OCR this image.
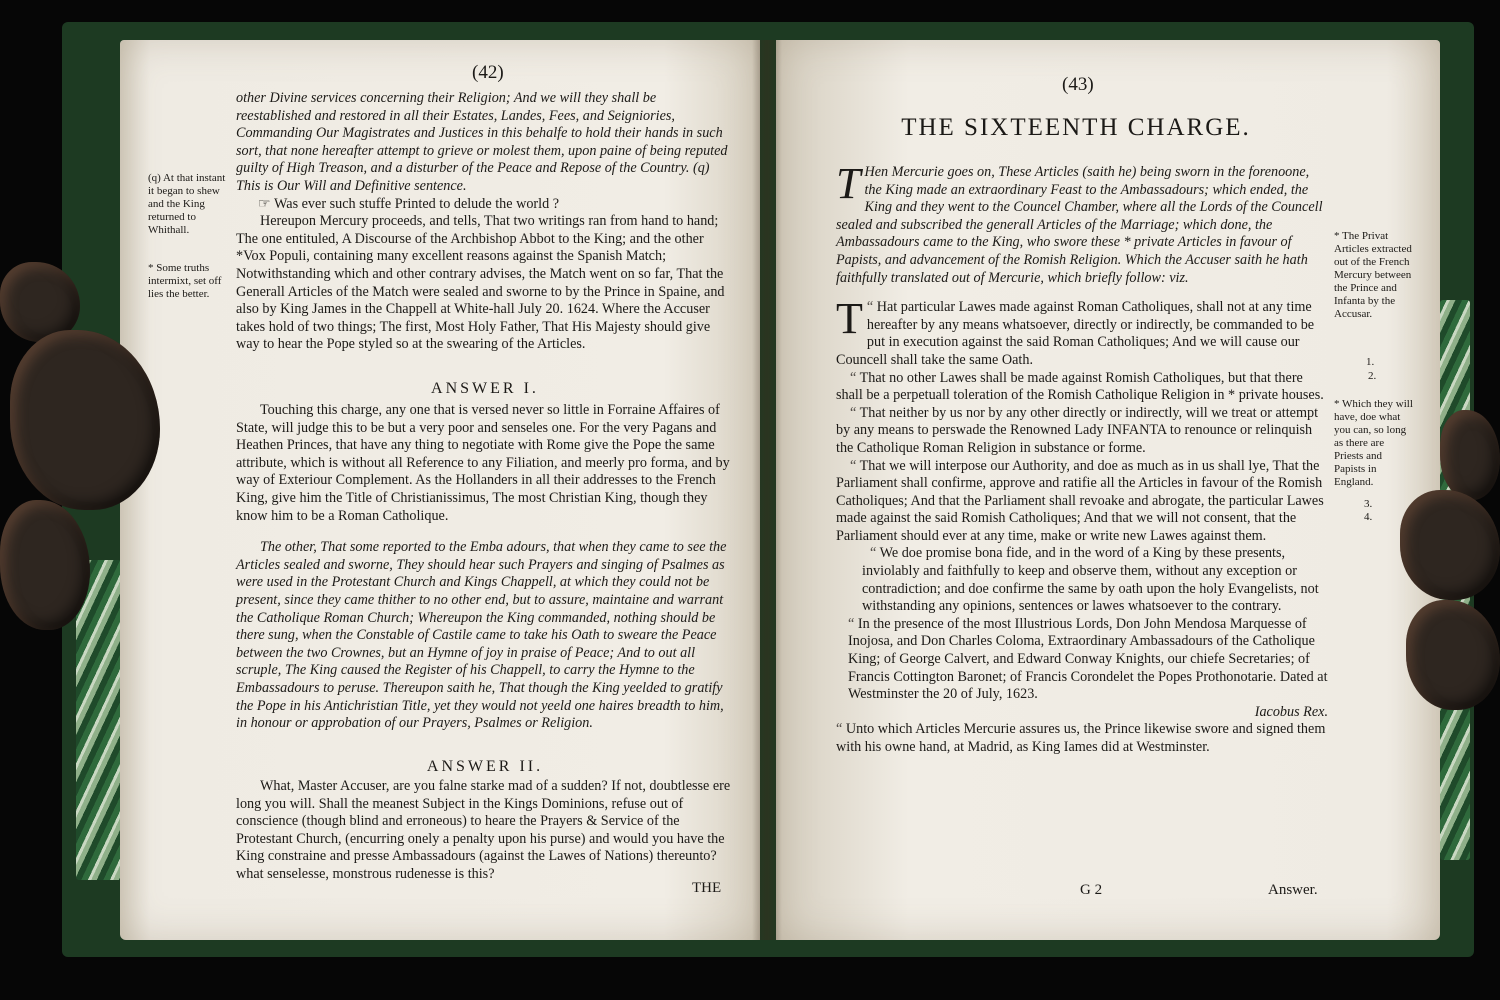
(42)
(q) At that instant it began to shew and the King returned to Whithall.
* Some truths intermixt, set off lies the better.

other Divine services concerning their Religion; And we will they shall be reestablished and restored in all their Estates, Landes, Fees, and Seigniories, Commanding Our Magistrates and Justices in this behalfe to hold their hands in such sort, that none hereafter attempt to grieve or molest them, upon paine of being reputed guilty of High Treason, and a disturber of the Peace and Repose of the Country. (q) This is Our Will and Definitive sentence.

☞ Was ever such stuffe Printed to delude the world ?

Hereupon Mercury proceeds, and tells, That two writings ran from hand to hand; The one entituled, A Discourse of the Archbishop Abbot to the King; and the other *Vox Populi, containing many excellent reasons against the Spanish Match; Notwithstanding which and other contrary advises, the Match went on so far, That the Generall Articles of the Match were sealed and sworne to by the Prince in Spaine, and also by King James in the Chappell at White-hall July 20. 1624. Where the Accuser takes hold of two things; The first, Most Holy Father, That His Majesty should give way to hear the Pope styled so at the swearing of the Articles.

ANSWER I.

Touching this charge, any one that is versed never so little in Forraine Affaires of State, will judge this to be but a very poor and senseles one. For the very Pagans and Heathen Princes, that have any thing to negotiate with Rome give the Pope the same attribute, which is without all Reference to any Filiation, and meerly pro forma, and by way of Exteriour Complement. As the Hollanders in all their addresses to the French King, give him the Title of Christianissimus, The most Christian King, though they know him to be a Roman Catholique.

The other, That some reported to the Emba adours, that when they came to see the Articles sealed and sworne, They should hear such Prayers and singing of Psalmes as were used in the Protestant Church and Kings Chappell, at which they could not be present, since they came thither to no other end, but to assure, maintaine and warrant the Catholique Roman Church; Whereupon the King commanded, nothing should be there sung, when the Constable of Castile came to take his Oath to sweare the Peace between the two Crownes, but an Hymne of joy in praise of Peace; And to out all scruple, The King caused the Register of his Chappell, to carry the Hymne to the Embassadours to peruse. Thereupon saith he, That though the King yeelded to gratify the Pope in his Antichristian Title, yet they would not yeeld one haires breadth to him, in honour or approbation of our Prayers, Psalmes or Religion.

ANSWER II.

What, Master Accuser, are you falne starke mad of a sudden? If not, doubtlesse ere long you will. Shall the meanest Subject in the Kings Dominions, refuse out of conscience (though blind and erroneous) to heare the Prayers & Service of the Protestant Church, (encurring onely a penalty upon his purse) and would you have the King constraine and presse Ambassadours (against the Lawes of Nations) thereunto? what senselesse, monstrous rudenesse is this?

THE
(43)
THE SIXTEENTH CHARGE.
* The Privat Articles extracted out of the French Mercury between the Prince and Infanta by the Accusar.
1.
2.
* Which they will have, doe what you can, so long as there are Priests and Papists in England.
3.
4.

T Hen Mercurie goes on, These Articles (saith he) being sworn in the forenoone, the King made an extraordinary Feast to the Ambassadours; which ended, the King and they went to the Councel Chamber, where all the Lords of the Councell sealed and subscribed the generall Articles of the Marriage; which done, the Ambassadours came to the King, who swore these * private Articles in favour of Papists, and advancement of the Romish Religion. Which the Accuser saith he hath faithfully translated out of Mercurie, which briefly follow: viz.

“
T Hat particular Lawes made against Roman Catholiques, shall not at any time hereafter by any means whatsoever, directly or indirectly, be commanded to be put in execution against the said Roman Catholiques; And we will cause our Councell shall take the same Oath.

“ That no other Lawes shall be made against Romish Catholiques, but that there shall be a perpetuall toleration of the Romish Catholique Religion in * private houses.

“ That neither by us nor by any other directly or indirectly, will we treat or attempt by any means to perswade the Renowned Lady INFANTA to renounce or relinquish the Catholique Roman Religion in substance or forme.

“ That we will interpose our Authority, and doe as much as in us shall lye, That the Parliament shall confirme, approve and ratifie all the Articles in favour of the Romish Catholiques; And that the Parliament shall revoake and abrogate, the particular Lawes made against the said Romish Catholiques; And that we will not consent, that the Parliament should ever at any time, make or write new Lawes against them.

“ We doe promise bona fide, and in the word of a King by these presents, inviolably and faithfully to keep and observe them, without any exception or contradiction; and doe confirme the same by oath upon the holy Evangelists, not withstanding any opinions, sentences or lawes whatsoever to the contrary.

“ In the presence of the most Illustrious Lords, Don John Mendosa Marquesse of Inojosa, and Don Charles Coloma, Extraordinary Ambassadours of the Catholique King; of George Calvert, and Edward Conway Knights, our chiefe Secretaries; of Francis Cottington Baronet; of Francis Corondelet the Popes Prothonotarie. Dated at Westminster the 20 of July, 1623.

Iacobus Rex.

“ Unto which Articles Mercurie assures us, the Prince likewise swore and signed them with his owne hand, at Madrid, as King Iames did at Westminster.

G 2	Answer.
